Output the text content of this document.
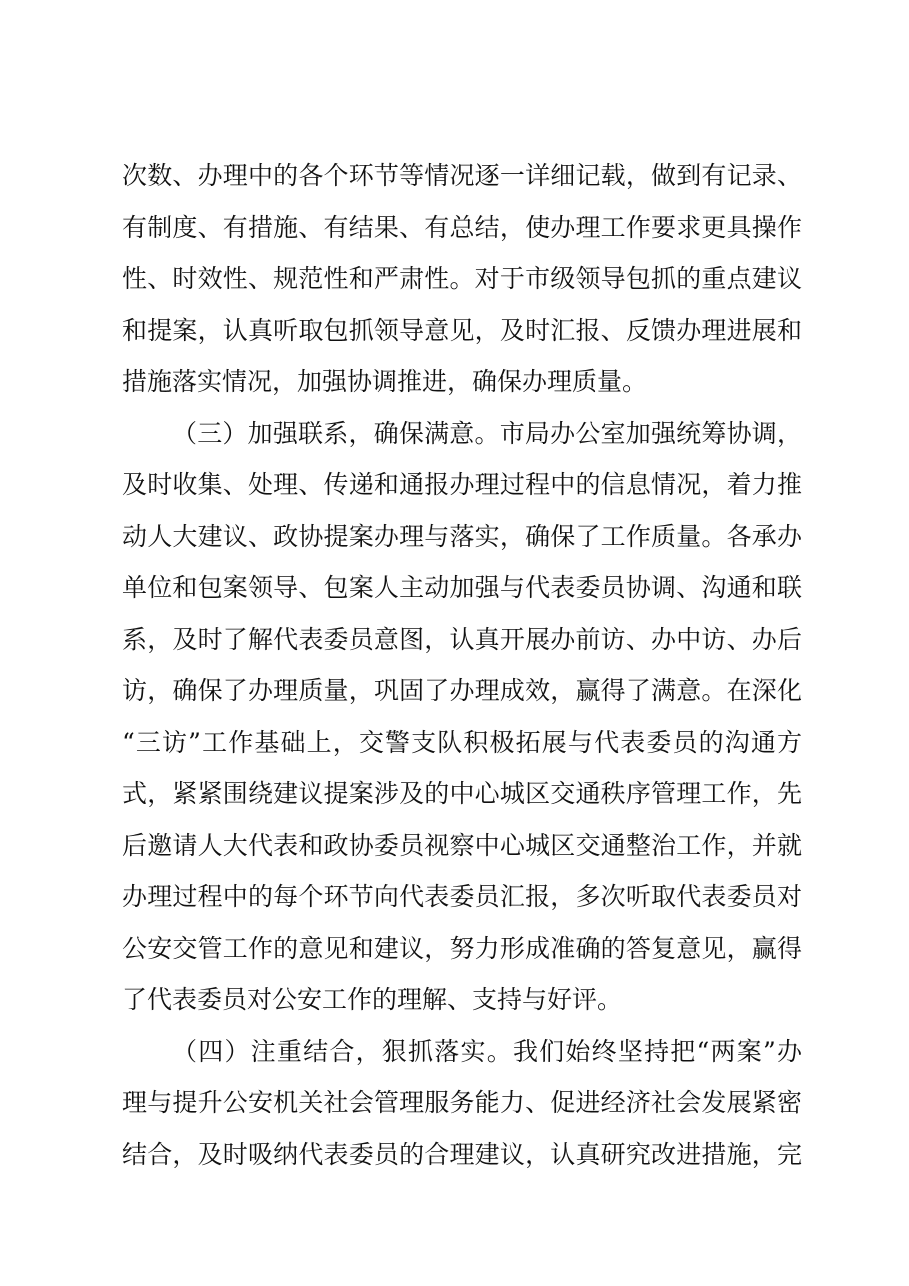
次数、办理中的各个环节等情况逐一详细记载，做到有记录、
有制度、有措施、有结果、有总结，使办理工作要求更具操作
性、时效性、规范性和严肃性。对于市级领导包抓的重点建议
和提案，认真听取包抓领导意见，及时汇报、反馈办理进展和
措施落实情况，加强协调推进，确保办理质量。
（三）加强联系，确保满意。市局办公室加强统筹协调，
及时收集、处理、传递和通报办理过程中的信息情况，着力推
动人大建议、政协提案办理与落实，确保了工作质量。各承办
单位和包案领导、包案人主动加强与代表委员协调、沟通和联
系，及时了解代表委员意图，认真开展办前访、办中访、办后
访，确保了办理质量，巩固了办理成效，赢得了满意。在深化
“三访”工作基础上，交警支队积极拓展与代表委员的沟通方
式，紧紧围绕建议提案涉及的中心城区交通秩序管理工作，先
后邀请人大代表和政协委员视察中心城区交通整治工作，并就
办理过程中的每个环节向代表委员汇报，多次听取代表委员对
公安交管工作的意见和建议，努力形成准确的答复意见，赢得
了代表委员对公安工作的理解、支持与好评。
（四）注重结合，狠抓落实。我们始终坚持把“两案”办
理与提升公安机关社会管理服务能力、促进经济社会发展紧密
结合，及时吸纳代表委员的合理建议，认真研究改进措施，完
